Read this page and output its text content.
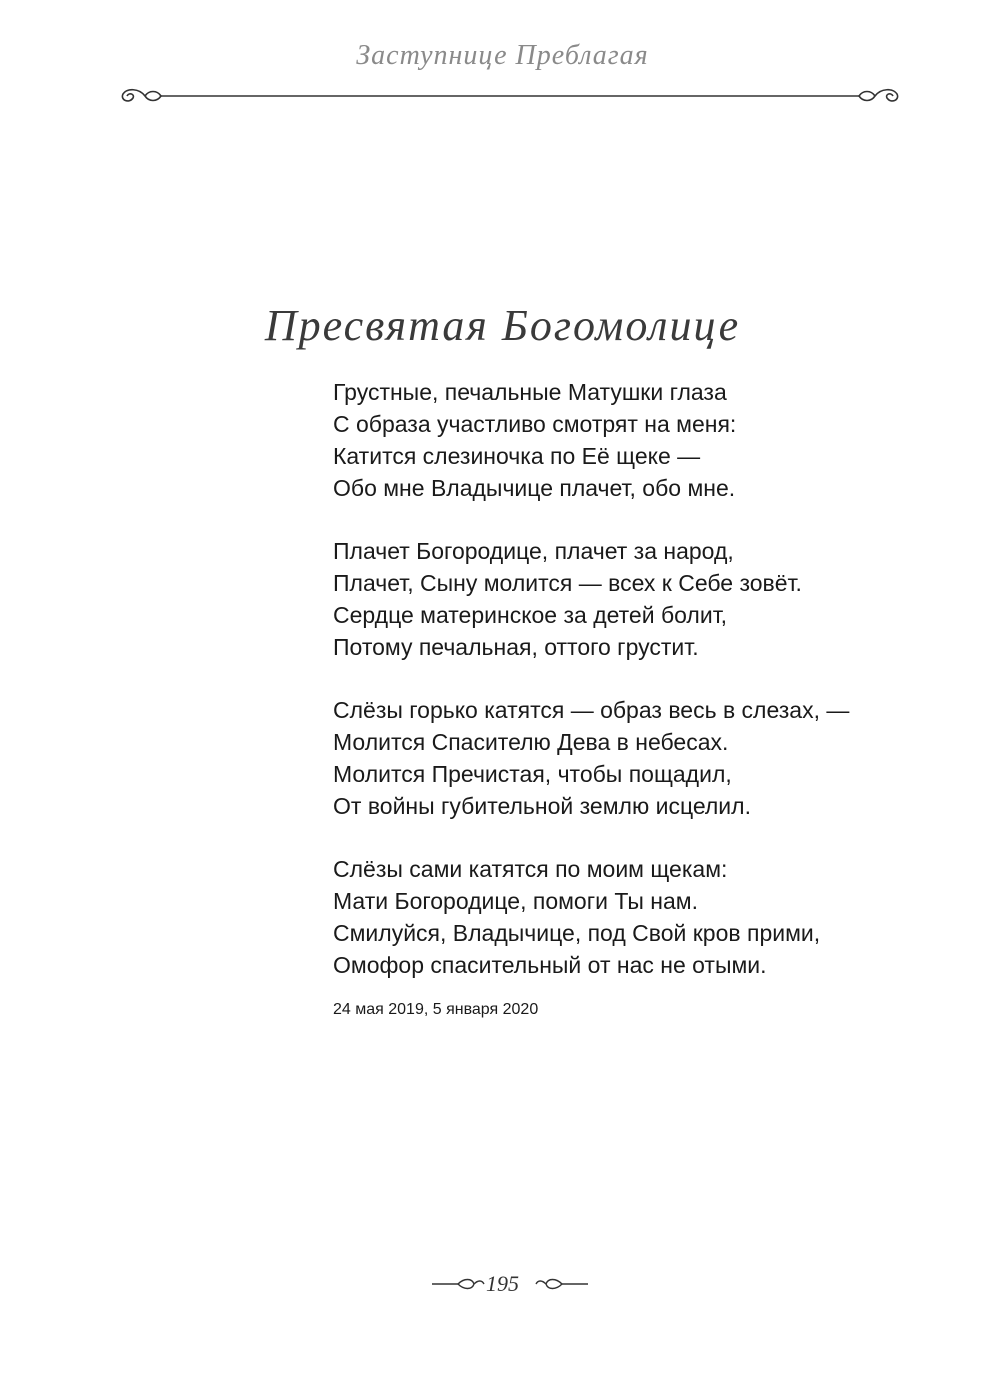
Заступнице Преблагая
Пресвятая Богомолице
Грустные, печальные Матушки глаза
С образа участливо смотрят на меня:
Катится слезиночка по Её щеке —
Обо мне Владычице плачет, обо мне.
Плачет Богородице, плачет за народ,
Плачет, Сыну молится — всех к Себе зовёт.
Сердце материнское за детей болит,
Потому печальная, оттого грустит.
Слёзы горько катятся — образ весь в слезах, —
Молится Спасителю Дева в небесах.
Молится Пречистая, чтобы пощадил,
От войны губительной землю исцелил.
Слёзы сами катятся по моим щекам:
Мати Богородице, помоги Ты нам.
Смилуйся, Владычице, под Свой кров прими,
Омофор спасительный от нас не отыми.
24 мая 2019, 5 января 2020
195
